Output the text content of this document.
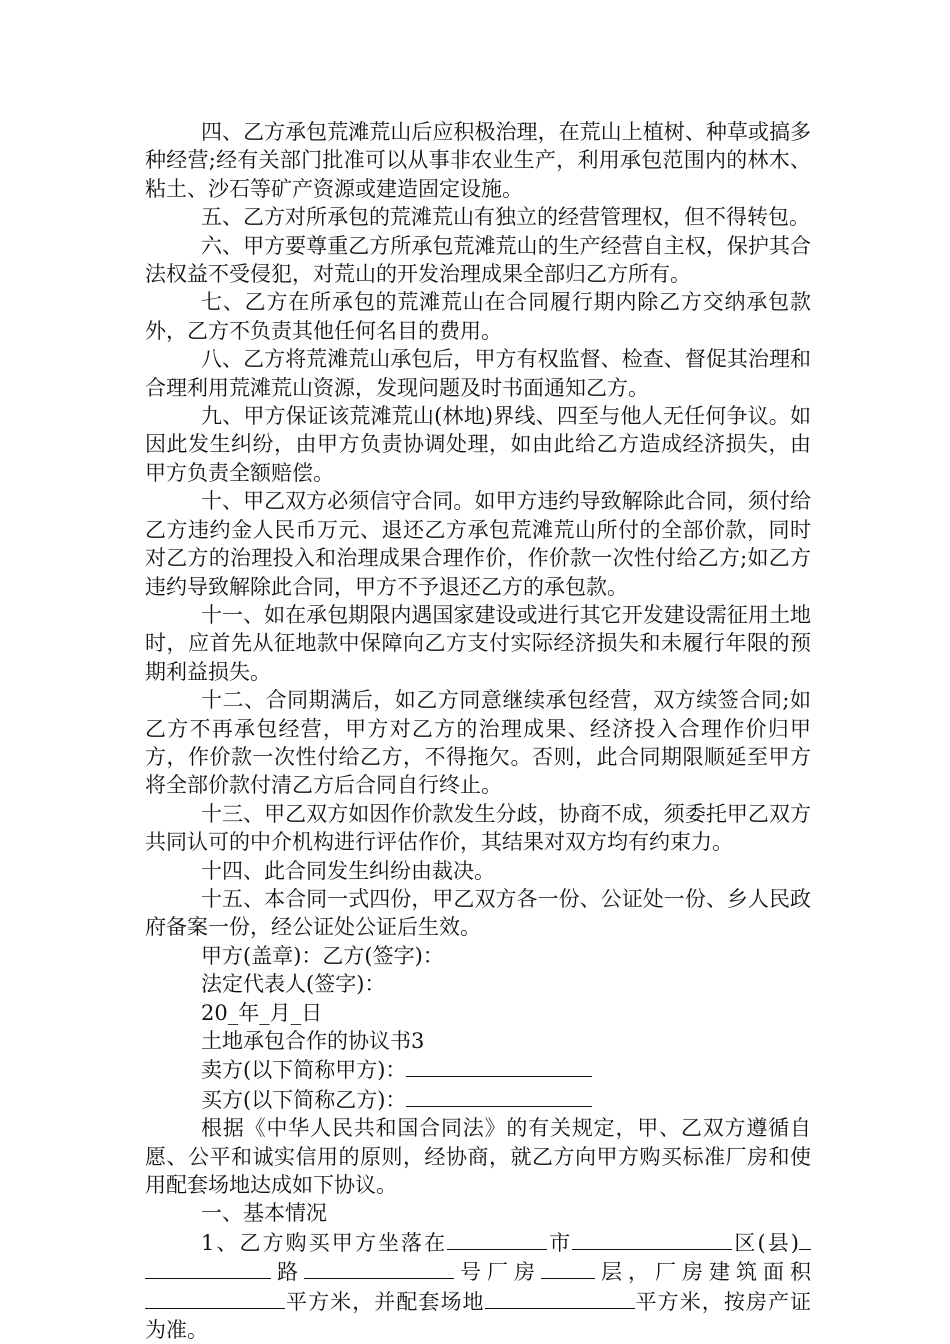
四、乙方承包荒滩荒山后应积极治理，在荒山上植树、种草或搞多种经营;经有关部门批准可以从事非农业生产，利用承包范围内的林木、粘土、沙石等矿产资源或建造固定设施。

五、乙方对所承包的荒滩荒山有独立的经营管理权，但不得转包。

六、甲方要尊重乙方所承包荒滩荒山的生产经营自主权，保护其合法权益不受侵犯，对荒山的开发治理成果全部归乙方所有。

七、乙方在所承包的荒滩荒山在合同履行期内除乙方交纳承包款外，乙方不负责其他任何名目的费用。

八、乙方将荒滩荒山承包后，甲方有权监督、检查、督促其治理和合理利用荒滩荒山资源，发现问题及时书面通知乙方。

九、甲方保证该荒滩荒山(林地)界线、四至与他人无任何争议。如因此发生纠纷，由甲方负责协调处理，如由此给乙方造成经济损失，由甲方负责全额赔偿。

十、甲乙双方必须信守合同。如甲方违约导致解除此合同，须付给乙方违约金人民币万元、退还乙方承包荒滩荒山所付的全部价款，同时对乙方的治理投入和治理成果合理作价，作价款一次性付给乙方;如乙方违约导致解除此合同，甲方不予退还乙方的承包款。

十一、如在承包期限内遇国家建设或进行其它开发建设需征用土地时，应首先从征地款中保障向乙方支付实际经济损失和未履行年限的预期利益损失。

十二、合同期满后，如乙方同意继续承包经营，双方续签合同;如乙方不再承包经营，甲方对乙方的治理成果、经济投入合理作价归甲方，作价款一次性付给乙方，不得拖欠。否则，此合同期限顺延至甲方将全部价款付清乙方后合同自行终止。

十三、甲乙双方如因作价款发生分歧，协商不成，须委托甲乙双方共同认可的中介机构进行评估作价，其结果对双方均有约束力。

十四、此合同发生纠纷由裁决。

十五、本合同一式四份，甲乙双方各一份、公证处一份、乡人民政府备案一份，经公证处公证后生效。

甲方(盖章)：乙方(签字)：

法定代表人(签字)：

20_年_月_日

土地承包合作的协议书3

卖方(以下简称甲方)：

买方(以下简称乙方)：

根据《中华人民共和国合同法》的有关规定，甲、乙双方遵循自愿、公平和诚实信用的原则，经协商，就乙方向甲方购买标准厂房和使用配套场地达成如下协议。

一、基本情况

1、乙方购买甲方坐落在	市	区(县)路	号厂房	层，厂房建筑面积平方米，并配套场地	平方米，按房产证为准。
